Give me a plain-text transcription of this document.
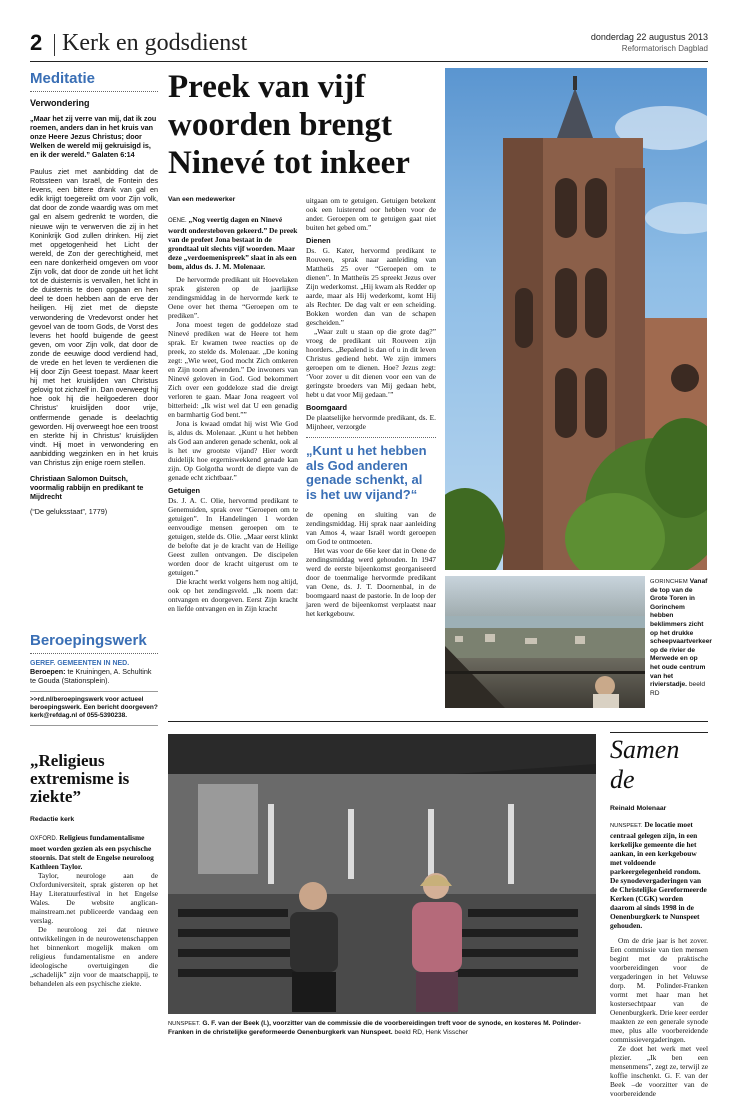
2 Kerk en godsdienst	donderdag 22 augustus 2013
Reformatorisch Dagblad
Meditatie
Verwondering
„Maar het zij verre van mij, dat ik zou roemen, anders dan in het kruis van onze Heere Jezus Christus; door Welken de wereld mij gekruisigd is, en ik der wereld.” Galaten 6:14
Paulus ziet met aanbidding dat de Rotssteen van Israël, de Fontein des levens, een bittere drank van gal en edik krijgt toegereikt om voor Zijn volk, dat door de zonde waardig was om met gal en alsem gedrenkt te worden, die nieuwe wijn te verwerven die zij in het Koninkrijk God zullen drinken. Hij ziet met opgetogenheid het Licht der wereld, de Zon der gerechtigheid, met een nare donkerheid omgeven om voor Zijn volk, dat door de zonde uit het licht tot de duisternis is vervallen, het licht in de duisternis te doen opgaan en hen deel te doen hebben aan de erve der heiligen. Hij ziet met de diepste verwondering de Vredevorst onder het gevoel van de toorn Gods, de Vorst des levens het hoofd buigende de geest geven, om voor Zijn volk, dat door de zonde de eeuwige dood verdiend had, de vrede en het leven te verdienen die Hij door Zijn Geest toepast. Maar keert hij met het kruislijden van Christus gelovig tot zichzelf in. Dan overweegt hij hoe ook hij die heilgoederen door Christus' kruislijden door vrije, ontfermende genade is deelachtig geworden. Hij overweegt hoe een troost en sterkte hij in Christus' kruislijden vindt. Hij moet in verwondering en aanbidding wegzinken en in het kruis van Christus zijn enige roem stellen.
Christiaan Salomon Duitsch, voormalig rabbijn en predikant te Mijdrecht
(“De geluksstaat”, 1779)
Beroepingswerk
GEREF. GEMEENTEN IN NED.
Beroepen: te Kruiningen, A. Schultink te Gouda (Stationsplein).
>>rd.nl/beroepingswerk voor actueel beroepingswerk. Een bericht doorgeven? kerk@refdag.nl of 055-5390238.
„Religieus extremisme is ziekte”
Redactie kerk
OXFORD. Religieus fundamentalisme moet worden gezien als een psychische stoornis. Dat stelt de Engelse neuroloog Kathleen Taylor.
Taylor, neurologe aan de Oxforduniversiteit, sprak gisteren op het Hay Literatuurfestival in het Engelse Wales. De website anglican-mainstream.net publiceerde vandaag een verslag.
De neuroloog zei dat nieuwe ontwikkelingen in de neurowetenschappen het binnenkort mogelijk maken om religieus fundamentalisme en andere ideologische overtuigingen die „schadelijk” zijn voor de maatschappij, te behandelen als een psychische ziekte.
Preek van vijf woorden brengt Ninevé tot inkeer
Van een medewerker
OENE. „Nog veertig dagen en Ninevé wordt ondersteboven gekeerd.” De preek van de profeet Jona bestaat in de grondtaal uit slechts vijf woorden. Maar deze „verdoemenispreek” slaat in als een bom, aldus ds. J. M. Molenaar.
De hervormde predikant uit Hoevelaken sprak gisteren op de jaarlijkse zendingsmiddag in de hervormde kerk te Oene over het thema “Geroepen om te prediken”.
Jona moest tegen de goddeloze stad Ninevé prediken wat de Heere tot hem sprak. Er kwamen twee reacties op de preek, zo stelde ds. Molenaar. „De koning zegt: „Wie weet, God mocht Zich omkeren en Zijn toorn afwenden.” De inwoners van Ninevé geloven in God. God bekommert Zich over een goddeloze stad die dreigt verloren te gaan. Maar Jona reageert vol bitterheid: „Ik wist wel dat U een genadig en barmhartig God bent.””
Jona is kwaad omdat hij wist Wie God is, aldus ds. Molenaar. „Kunt u het hebben als God aan anderen genade schenkt, ook al is het uw grootste vijand? Hier wordt duidelijk hoe ergerniswekkend genade kan zijn. Op Golgotha wordt de diepte van de genade echt zichtbaar.”
Getuigen
Ds. J. A. C. Olie, hervormd predikant te Genemuiden, sprak over “Geroepen om te getuigen”. In Handelingen 1 worden eenvoudige mensen geroepen om te getuigen, stelde ds. Olie. „Maar eerst klinkt de belofte dat je de kracht van de Heilige Geest zullen ontvangen. De discipelen worden door de kracht uitgerust om te getuigen.”
Die kracht werkt volgens hem nog altijd, ook op het zendingsveld. „Ik noem dat: ontvangen en doorgeven. Eerst Zijn kracht en liefde ontvangen en in Zijn kracht
uitgaan om te getuigen. Getuigen betekent ook een luisterend oor hebben voor de ander. Geroepen om te getuigen gaat niet buiten het gebed om.”
Dienen
Ds. G. Kater, hervormd predikant te Rouveen, sprak naar aanleiding van Mattheüs 25 over “Geroepen om te dienen”. In Mattheüs 25 spreekt Jezus over Zijn wederkomst. „Hij kwam als Redder op aarde, maar als Hij wederkomt, komt Hij als Rechter. De dag valt er een scheiding. Bokken worden dan van de schapen gescheiden.”
„Waar zult u staan op die grote dag?” vroeg de predikant uit Rouveen zijn hoorders. „Bepalend is dan of u in dit leven Christus gediend hebt. We zijn immers geroepen om te dienen. Hoe? Jezus zegt: ‘Voor zover u dit dienen voor een van de geringste broeders van Mij gedaan hebt, hebt u dat voor Mij gedaan.’”
Boomgaard
De plaatselijke hervormde predikant, ds. E. Mijnheer, verzorgde
„Kunt u het hebben als God anderen genade schenkt, al is het uw vijand?“
de opening en sluiting van de zendingsmiddag. Hij sprak naar aanleiding van Amos 4, waar Israël wordt geroepen om God te ontmoeten.
Het was voor de 66e keer dat in Oene de zendingsmiddag werd gehouden. In 1947 werd de eerste bijeenkomst georganiseerd door de toenmalige hervormde predikant van Oene, ds. J. T. Doornenbal, in de boomgaard naast de pastorie. In de loop der jaren werd de bijeenkomst verplaatst naar het kerkgebouw.
GORINCHEM Vanaf de top van de Grote Toren in Gorinchem hebben beklimmers zicht op het drukke scheepvaartverkeer op de rivier de Merwede en op het oude centrum van het rivierstadje. beeld RD
NUNSPEET. G. F. van der Beek (l.), voorzitter van de commissie die de voorbereidingen treft voor de synode, en kosteres M. Polinder-Franken in de christelijke gereformeerde Oenenburgkerk van Nunspeet. beeld RD, Henk Visscher
Samen de
Reinald Molenaar
NUNSPEET. De locatie moet centraal gelegen zijn, in een kerkelijke gemeente die het aankan, in een kerkgebouw met voldoende parkeergelegenheid rondom. De synodevergaderingen van de Christelijke Gereformeerde Kerken (CGK) worden daarom al sinds 1998 in de Oenenburgkerk te Nunspeet gehouden.
Om de drie jaar is het zover. Een commissie van tien mensen begint met de praktische voorbereidingen voor de vergaderingen in het Veluwse dorp. M. Polinder-Franken vormt met haar man het kostersechtpaar van de Oenenburgkerk. Drie keer eerder maakten ze een generale synode mee, plus alle voorbereidende commissievergaderingen.
Ze doet het werk met veel plezier. „Ik ben een mensenmens”, zegt ze, terwijl ze koffie inschenkt. G. F. van der Beek –de voorzitter van de voorbereidende
